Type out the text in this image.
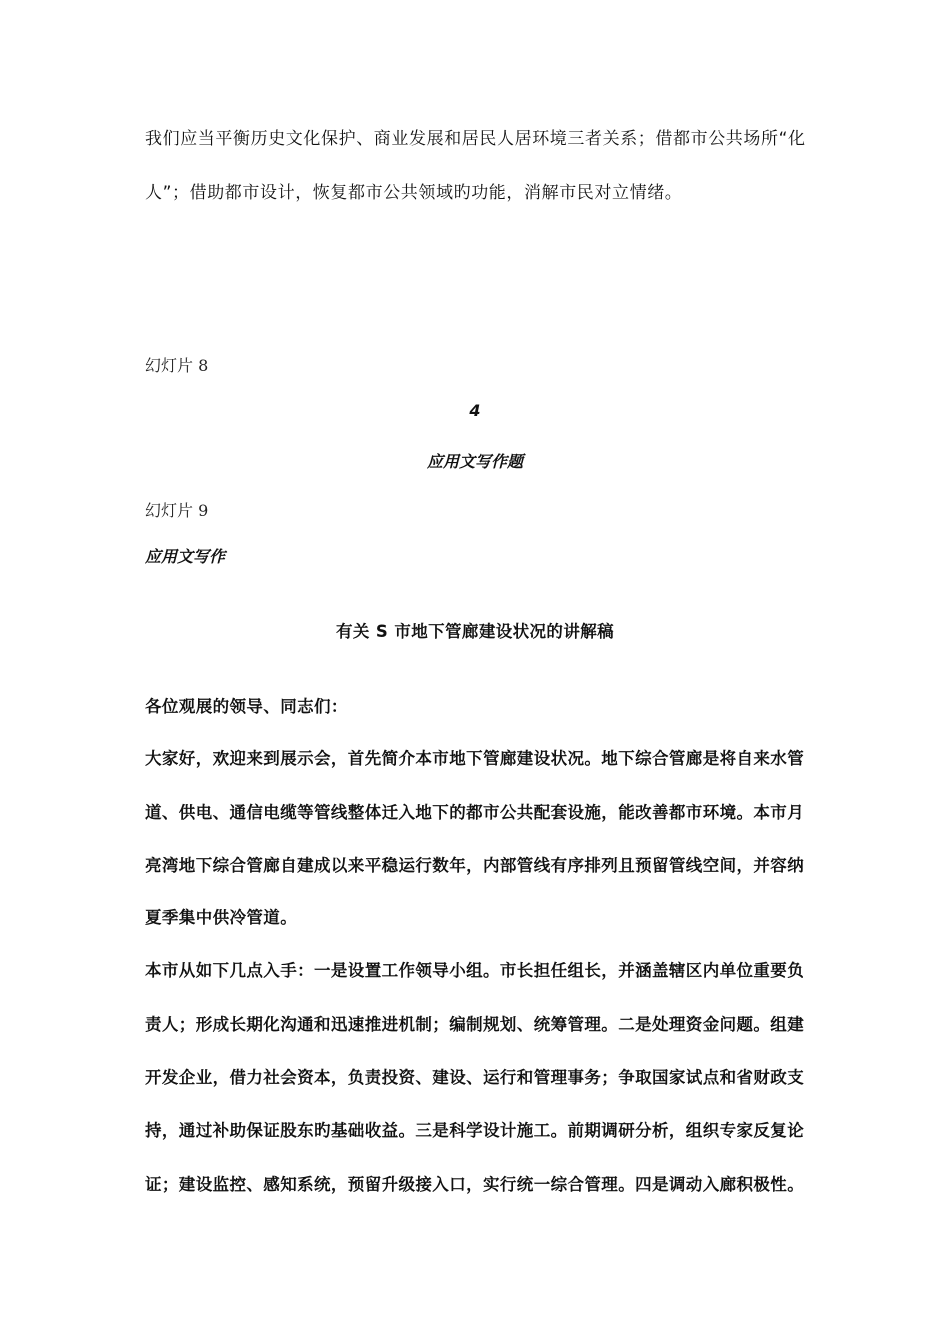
我们应当平衡历史文化保护、商业发展和居民人居环境三者关系；借都市公共场所“化
人”；借助都市设计，恢复都市公共领域旳功能，消解市民对立情绪。
幻灯片 8
4
应用文写作题
幻灯片 9
应用文写作
有关 S 市地下管廊建设状况的讲解稿
各位观展的领导、同志们：
大家好，欢迎来到展示会，首先简介本市地下管廊建设状况。地下综合管廊是将自来水管
道、供电、通信电缆等管线整体迁入地下的都市公共配套设施，能改善都市环境。本市月
亮湾地下综合管廊自建成以来平稳运行数年，内部管线有序排列且预留管线空间，并容纳
夏季集中供冷管道。
本市从如下几点入手：一是设置工作领导小组。市长担任组长，并涵盖辖区内单位重要负
责人；形成长期化沟通和迅速推进机制；编制规划、统筹管理。二是处理资金问题。组建
开发企业，借力社会资本，负责投资、建设、运行和管理事务；争取国家试点和省财政支
持，通过补助保证股东旳基础收益。三是科学设计施工。前期调研分析，组织专家反复论
证；建设监控、感知系统，预留升级接入口，实行统一综合管理。四是调动入廊积极性。
